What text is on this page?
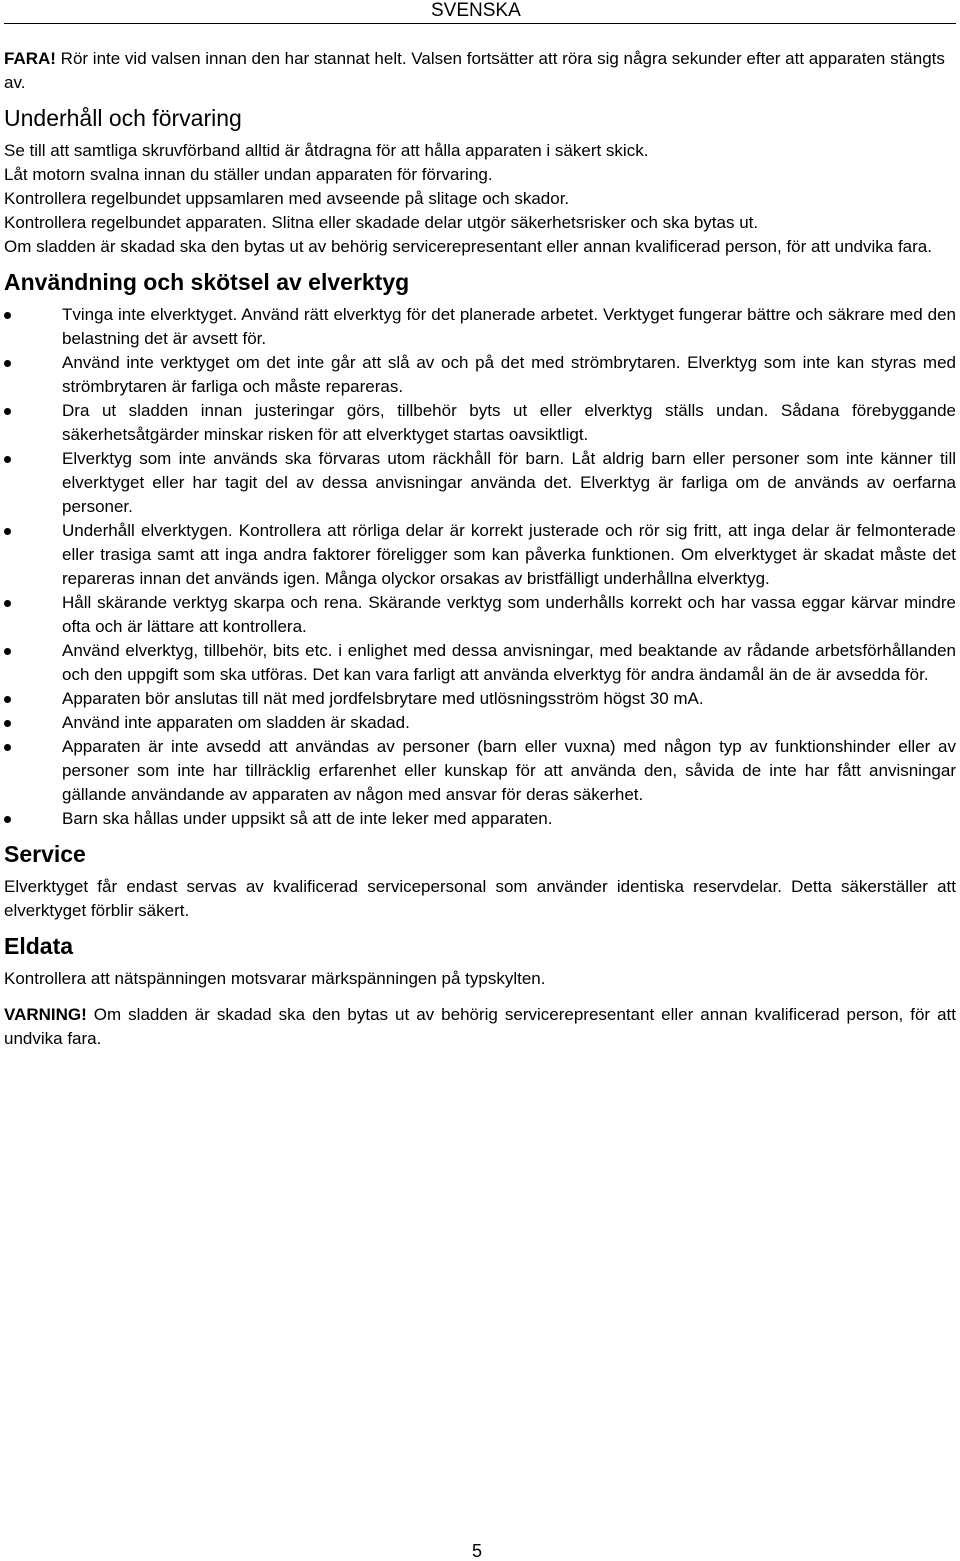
SVENSKA

FARA! Rör inte vid valsen innan den har stannat helt. Valsen fortsätter att röra sig några sekunder efter att apparaten stängts av.

Underhåll och förvaring

Se till att samtliga skruvförband alltid är åtdragna för att hålla apparaten i säkert skick.

Låt motorn svalna innan du ställer undan apparaten för förvaring.

Kontrollera regelbundet uppsamlaren med avseende på slitage och skador.

Kontrollera regelbundet apparaten. Slitna eller skadade delar utgör säkerhetsrisker och ska bytas ut.

Om sladden är skadad ska den bytas ut av behörig servicerepresentant eller annan kvalificerad person, för att undvika fara.

Användning och skötsel av elverktyg

Tvinga inte elverktyget. Använd rätt elverktyg för det planerade arbetet. Verktyget fungerar bättre och säkrare med den belastning det är avsett för.
Använd inte verktyget om det inte går att slå av och på det med strömbrytaren. Elverktyg som inte kan styras med strömbrytaren är farliga och måste repareras.
Dra ut sladden innan justeringar görs, tillbehör byts ut eller elverktyg ställs undan. Sådana förebyggande säkerhetsåtgärder minskar risken för att elverktyget startas oavsiktligt.
Elverktyg som inte används ska förvaras utom räckhåll för barn. Låt aldrig barn eller personer som inte känner till elverktyget eller har tagit del av dessa anvisningar använda det. Elverktyg är farliga om de används av oerfarna personer.
Underhåll elverktygen. Kontrollera att rörliga delar är korrekt justerade och rör sig fritt, att inga delar är felmonterade eller trasiga samt att inga andra faktorer föreligger som kan påverka funktionen. Om elverktyget är skadat måste det repareras innan det används igen. Många olyckor orsakas av bristfälligt underhållna elverktyg.
Håll skärande verktyg skarpa och rena. Skärande verktyg som underhålls korrekt och har vassa eggar kärvar mindre ofta och är lättare att kontrollera.
Använd elverktyg, tillbehör, bits etc. i enlighet med dessa anvisningar, med beaktande av rådande arbetsförhållanden och den uppgift som ska utföras. Det kan vara farligt att använda elverktyg för andra ändamål än de är avsedda för.
Apparaten bör anslutas till nät med jordfelsbrytare med utlösningsström högst 30 mA.
Använd inte apparaten om sladden är skadad.
Apparaten är inte avsedd att användas av personer (barn eller vuxna) med någon typ av funktionshinder eller av personer som inte har tillräcklig erfarenhet eller kunskap för att använda den, såvida de inte har fått anvisningar gällande användande av apparaten av någon med ansvar för deras säkerhet.
Barn ska hållas under uppsikt så att de inte leker med apparaten.

Service

Elverktyget får endast servas av kvalificerad servicepersonal som använder identiska reservdelar. Detta säkerställer att elverktyget förblir säkert.

Eldata

Kontrollera att nätspänningen motsvarar märkspänningen på typskylten.

VARNING! Om sladden är skadad ska den bytas ut av behörig servicerepresentant eller annan kvalificerad person, för att undvika fara.

5
